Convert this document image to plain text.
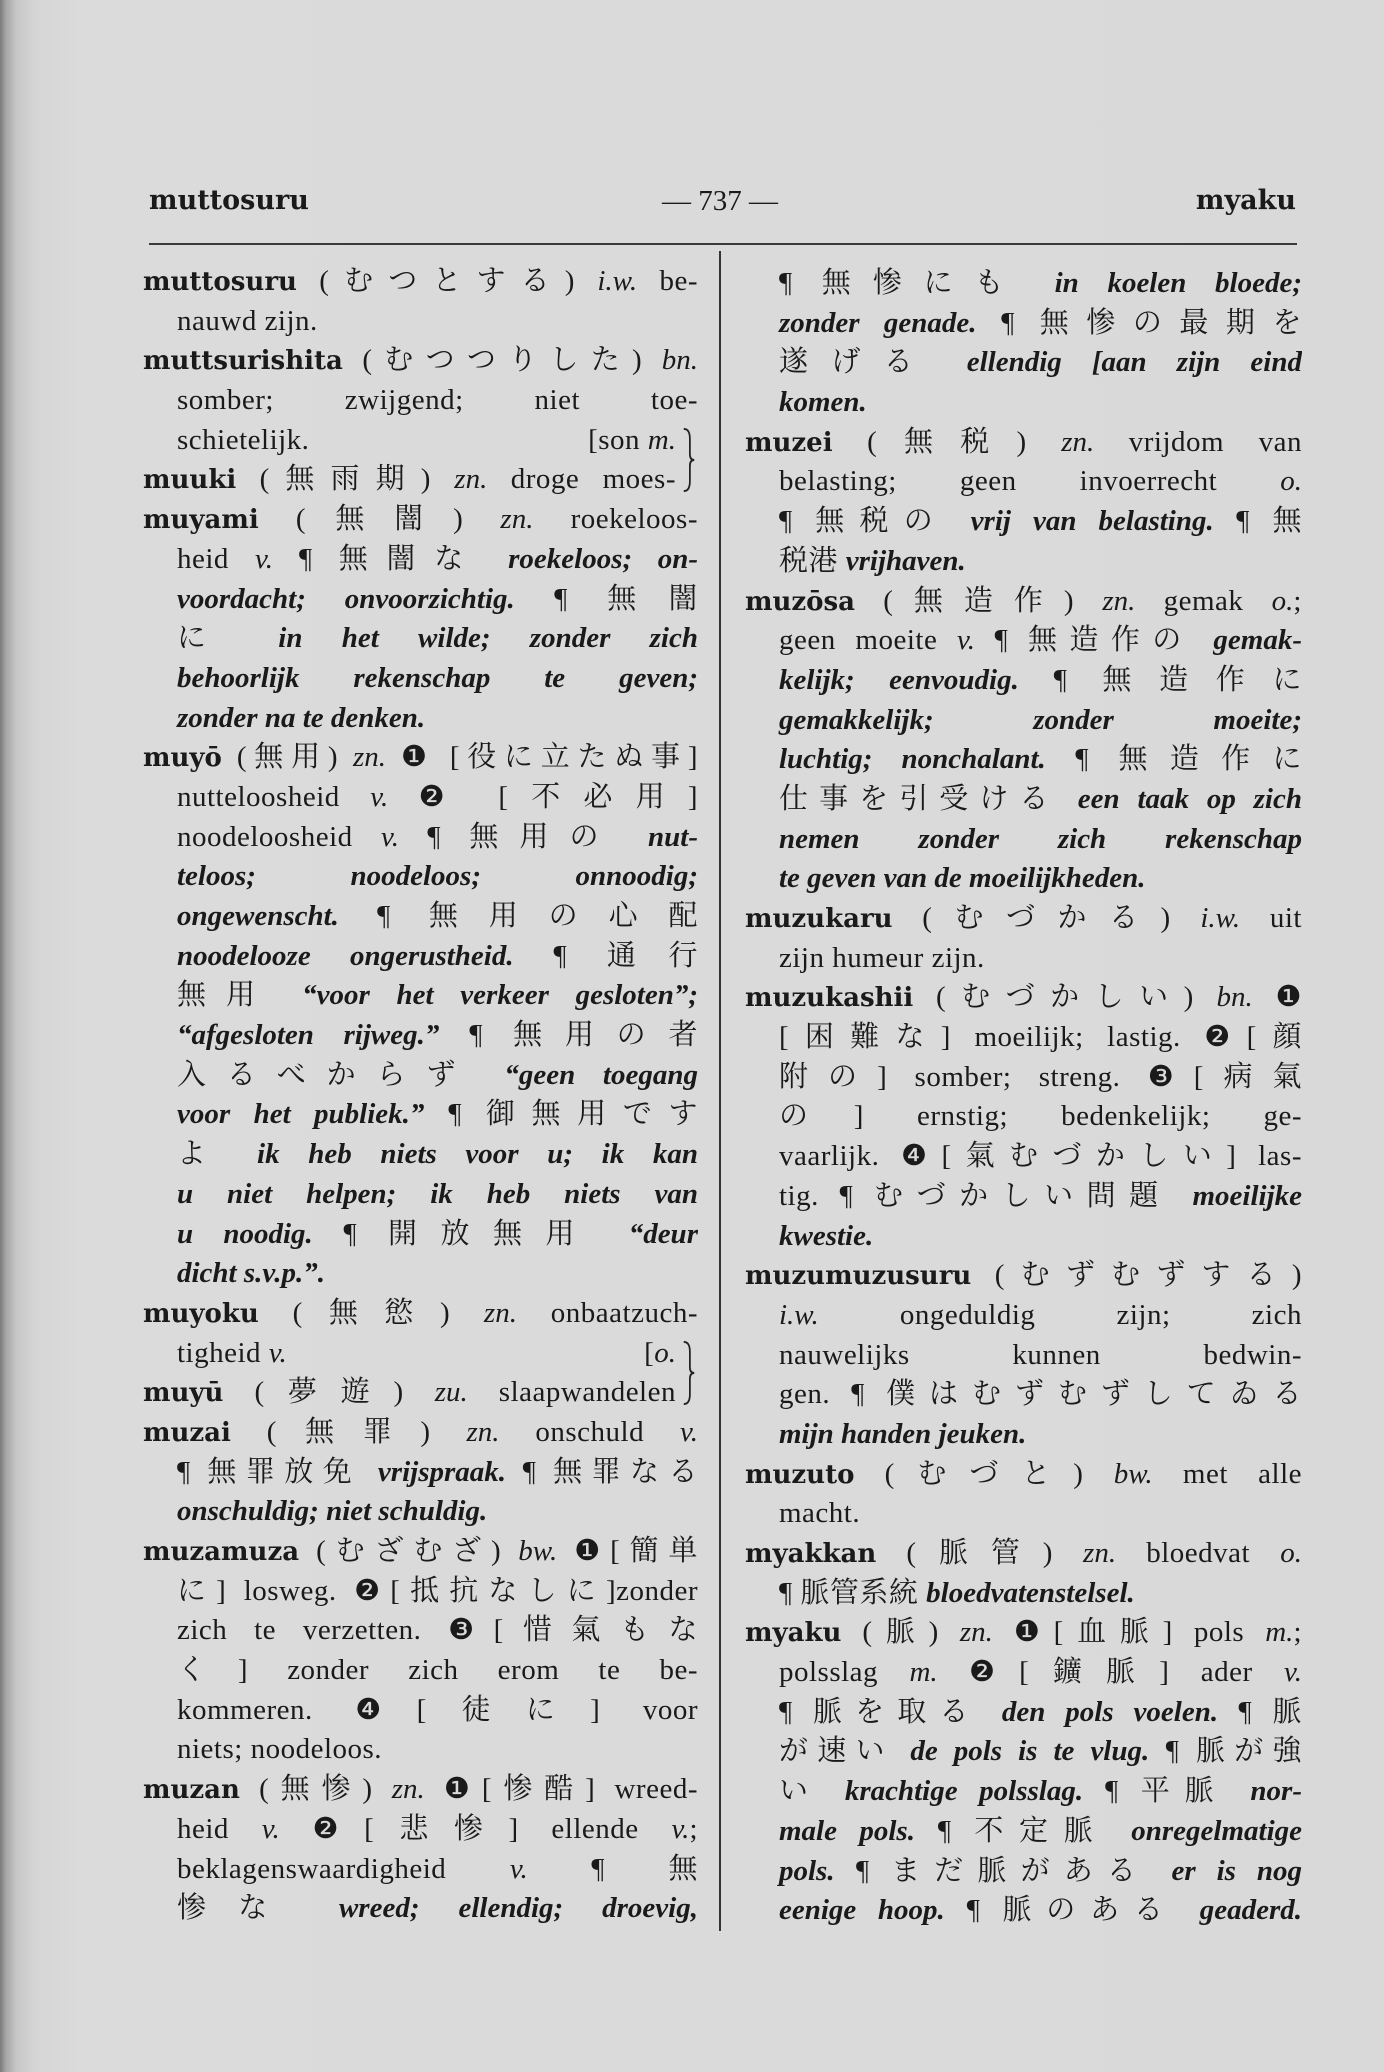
muttosuru	— 737 —	myaku
muttosuru (むつとする) i.w. be-
nauwd zijn.
muttsurishita (むつつりした) bn.
somber; zwijgend; niet toe-
schietelijk.	[son m.
muuki (無雨期) zn. droge moes-
muyami (無闇) zn. roekeloos-
heid v. ¶ 無闇な roekeloos; on-
voordacht; onvoorzichtig. ¶ 無闇
に in het wilde; zonder zich
behoorlijk rekenschap te geven;
zonder na te denken.
muyō (無用) zn. ❶ [役に立たぬ事]
nutteloosheid v. ❷ [不必用]
noodeloosheid v. ¶ 無用の nut-
teloos; noodeloos; onnoodig;
ongewenscht. ¶ 無用の心配
noodelooze ongerustheid. ¶ 通行
無用 “voor het verkeer gesloten”;
“afgesloten rijweg.” ¶ 無用の者
入るべからず “geen toegang
voor het publiek.” ¶ 御無用です
よ ik heb niets voor u; ik kan
u niet helpen; ik heb niets van
u noodig. ¶ 開放無用 “deur
dicht s.v.p.”.
muyoku (無慾) zn. onbaatzuch-
tigheid v.	[o.
muyū (夢遊) zu. slaapwandelen
muzai (無罪) zn. onschuld v.
¶ 無罪放免 vrijspraak. ¶ 無罪なる
onschuldig; niet schuldig.
muzamuza (むざむざ) bw. ❶[簡単
に] losweg. ❷[抵抗なしに]zonder
zich te verzetten. ❸[惜氣もな
く] zonder zich erom te be-
kommeren. ❹[徒に] voor
niets; noodeloos.
muzan (無惨) zn. ❶[惨酷] wreed-
heid v. ❷[悲惨] ellende v.;
beklagenswaardigheid v. ¶ 無
惨な wreed; ellendig; droevig,
¶ 無惨にも in koelen bloede;
zonder genade. ¶ 無惨の最期を
遂げる ellendig [aan zijn eind
komen.
muzei (無税) zn. vrijdom van
belasting; geen invoerrecht o.
¶ 無税の vrij van belasting. ¶ 無
税港 vrijhaven.
muzōsa (無造作) zn. gemak o.;
geen moeite v. ¶ 無造作の gemak-
kelijk; eenvoudig. ¶ 無造作に
gemakkelijk; zonder moeite;
luchtig; nonchalant. ¶ 無造作に
仕事を引受ける een taak op zich
nemen zonder zich rekenschap
te geven van de moeilijkheden.
muzukaru (むづかる) i.w. uit
zijn humeur zijn.
muzukashii (むづかしい) bn. ❶
[困難な] moeilijk; lastig. ❷[顔
附の] somber; streng. ❸[病氣
の] ernstig; bedenkelijk; ge-
vaarlijk. ❹[氣むづかしい] las-
tig. ¶ むづかしい問題 moeilijke
kwestie.
muzumuzusuru (むずむずする)
i.w. ongeduldig zijn; zich
nauwelijks kunnen bedwin-
gen. ¶ 僕はむずむずしてゐる
mijn handen jeuken.
muzuto (むづと) bw. met alle
macht.
myakkan (脈管) zn. bloedvat o.
¶ 脈管系統 bloedvatenstelsel.
myaku (脈) zn. ❶[血脈] pols m.;
polsslag m. ❷[鑛脈] ader v.
¶ 脈を取る den pols voelen. ¶ 脈
が速い de pols is te vlug. ¶ 脈が強
い krachtige polsslag. ¶ 平脈 nor-
male pols. ¶ 不定脈 onregelmatige
pols. ¶ まだ脈がある er is nog
eenige hoop. ¶ 脈のある geaderd.
